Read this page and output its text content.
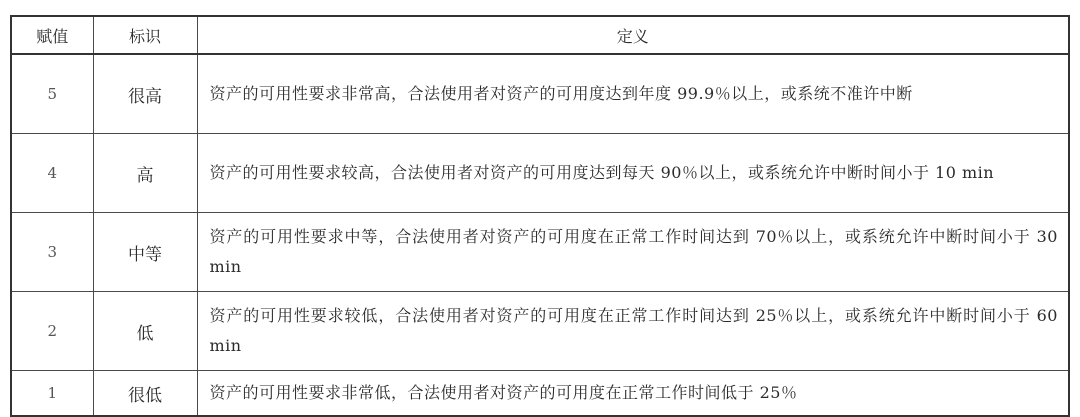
赋值	标识	定义
5	很高	资产的可用性要求非常高，合法使用者对资产的可用度达到年度 99.9％以上，或系统不准许中断
4	高	资产的可用性要求较高，合法使用者对资产的可用度达到每天 90％以上，或系统允许中断时间小于 10 min
3	中等	资产的可用性要求中等，合法使用者对资产的可用度在正常工作时间达到 70％以上，或系统允许中断时间小于 30 min
2	低	资产的可用性要求较低，合法使用者对资产的可用度在正常工作时间达到 25％以上，或系统允许中断时间小于 60 min
1	很低	资产的可用性要求非常低，合法使用者对资产的可用度在正常工作时间低于 25％
